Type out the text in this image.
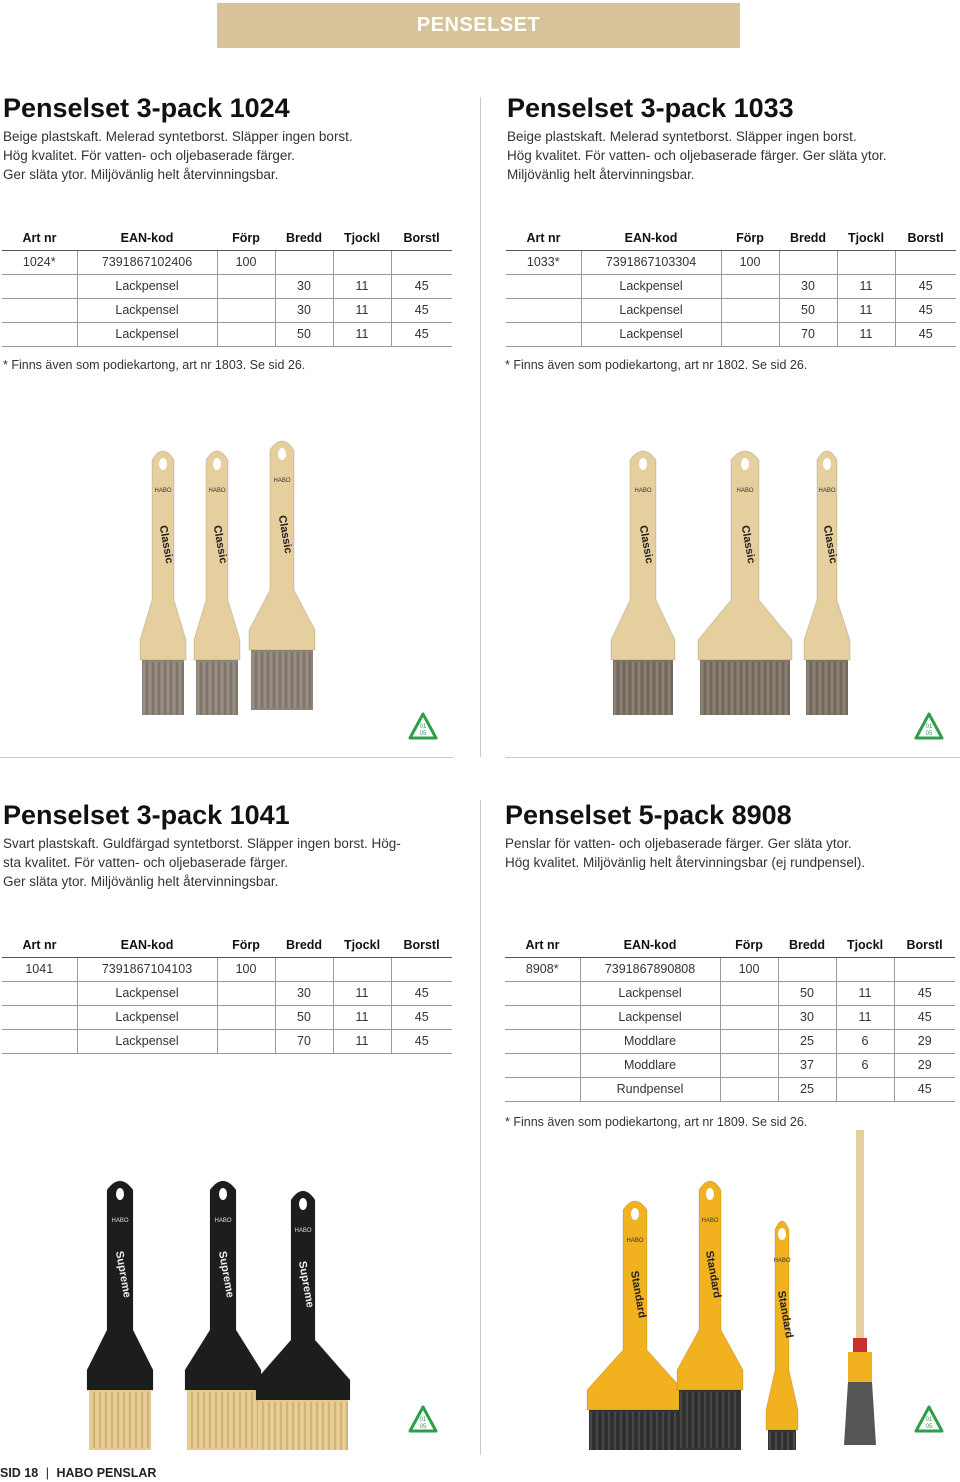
PENSELSET
Penselset 3-pack 1024
Beige plastskaft. Melerad syntetborst. Släpper ingen borst.
Hög kvalitet. För vatten- och oljebaserade färger.
Ger släta ytor. Miljövänlig helt återvinningsbar.
Penselset 3-pack 1033
Beige plastskaft. Melerad syntetborst. Släpper ingen borst.
Hög kvalitet. För vatten- och oljebaserade färger. Ger släta ytor.
Miljövänlig helt återvinningsbar.
Penselset 3-pack 1041
Svart plastskaft. Guldfärgad syntetborst. Släpper ingen borst. Hög-
sta kvalitet. För vatten- och oljebaserade färger.
Ger släta ytor. Miljövänlig helt återvinningsbar.
Penselset 5-pack 8908
Penslar för vatten- och oljebaserade färger. Ger släta ytor.
Hög kvalitet. Miljövänlig helt återvinningsbar (ej rundpensel).
Art nr	EAN-kod	Förp	Bredd	Tjockl	Borstl
1024*	7391867102406	100			
	Lackpensel		30	11	45
	Lackpensel		30	11	45
	Lackpensel		50	11	45
Art nr	EAN-kod	Förp	Bredd	Tjockl	Borstl
1033*	7391867103304	100			
	Lackpensel		30	11	45
	Lackpensel		50	11	45
	Lackpensel		70	11	45
Art nr	EAN-kod	Förp	Bredd	Tjockl	Borstl
1041	7391867104103	100			
	Lackpensel		30	11	45
	Lackpensel		50	11	45
	Lackpensel		70	11	45
Art nr	EAN-kod	Förp	Bredd	Tjockl	Borstl
8908*	7391867890808	100			
	Lackpensel		50	11	45
	Lackpensel		30	11	45
	Moddlare		25	6	29
	Moddlare		37	6	29
	Rundpensel		25		45
* Finns även som podiekartong, art nr 1803. Se sid 26.	* Finns även som podiekartong, art nr 1802. Se sid 26.
* Finns även som podiekartong, art nr 1809. Se sid 26.
HABO
Classic
HABO
Classic
HABO
Classic
HABO
Classic
HABO
Classic
HABO
Classic
HABO
Supreme
HABO
Supreme
HABO
Supreme
HABO
Standard
HABO
Standard	HABO
Standard
01
05
01
05
01
05
01
05
SID 18 | HABO PENSLAR
